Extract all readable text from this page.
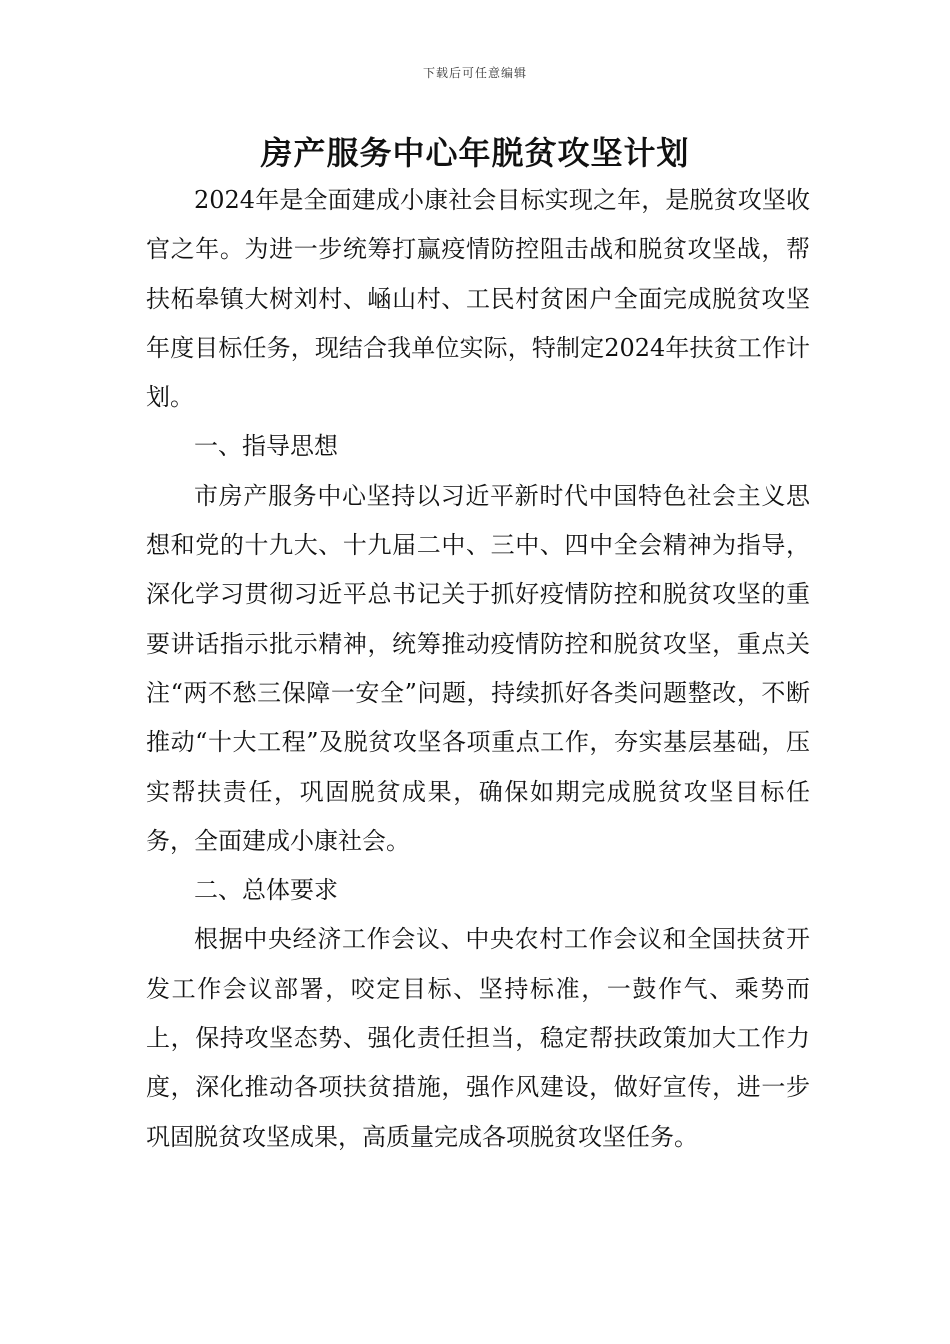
下载后可任意编辑
房产服务中心年脱贫攻坚计划

2024年是全面建成小康社会目标实现之年，是脱贫攻坚收官之年。为进一步统筹打赢疫情防控阻击战和脱贫攻坚战，帮扶柘皋镇大树刘村、崡山村、工民村贫困户全面完成脱贫攻坚年度目标任务，现结合我单位实际，特制定2024年扶贫工作计划。

一、指导思想

市房产服务中心坚持以习近平新时代中国特色社会主义思想和党的十九大、十九届二中、三中、四中全会精神为指导，深化学习贯彻习近平总书记关于抓好疫情防控和脱贫攻坚的重要讲话指示批示精神，统筹推动疫情防控和脱贫攻坚，重点关注“两不愁三保障一安全”问题，持续抓好各类问题整改，不断推动“十大工程”及脱贫攻坚各项重点工作，夯实基层基础，压实帮扶责任，巩固脱贫成果，确保如期完成脱贫攻坚目标任务，全面建成小康社会。

二、总体要求

根据中央经济工作会议、中央农村工作会议和全国扶贫开发工作会议部署，咬定目标、坚持标准，一鼓作气、乘势而上，保持攻坚态势、强化责任担当，稳定帮扶政策加大工作力度，深化推动各项扶贫措施，强作风建设，做好宣传，进一步巩固脱贫攻坚成果，高质量完成各项脱贫攻坚任务。
